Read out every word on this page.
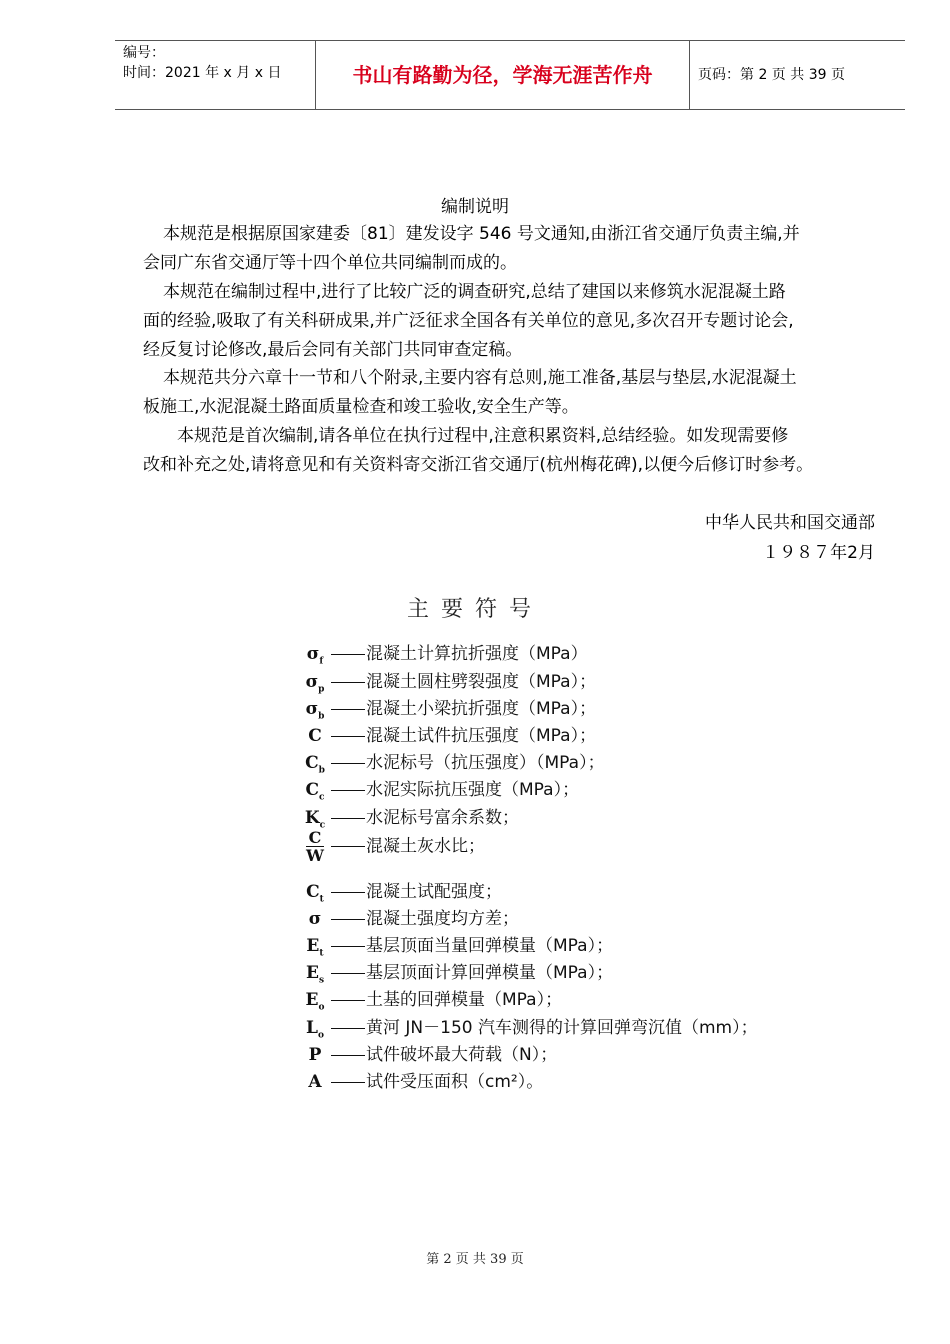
编号：
时间：2021 年 x 月 x 日	书山有路勤为径，学海无涯苦作舟	页码：第 2 页 共 39 页
编制说明
本规范是根据原国家建委〔81〕建发设字 546 号文通知,由浙江省交通厅负责主编,并
会同广东省交通厅等十四个单位共同编制而成的。
本规范在编制过程中,进行了比较广泛的调查研究,总结了建国以来修筑水泥混凝土路
面的经验,吸取了有关科研成果,并广泛征求全国各有关单位的意见,多次召开专题讨论会,
经反复讨论修改,最后会同有关部门共同审查定稿。
本规范共分六章十一节和八个附录,主要内容有总则,施工准备,基层与垫层,水泥混凝土
板施工,水泥混凝土路面质量检查和竣工验收,安全生产等。
本规范是首次编制,请各单位在执行过程中,注意积累资料,总结经验。如发现需要修
改和补充之处,请将意见和有关资料寄交浙江省交通厅(杭州梅花碑),以便今后修订时参考。
中华人民共和国交通部
１９８７年2月
主要符号
$\sigma_f$	混凝土计算抗折强度（MPa）
$\sigma_p$ 混凝土圆柱劈裂强度（MPa）；
$\sigma_b$ 混凝土小梁抗折强度（MPa）；
C	混凝土试件抗压强度（MPa）；
$C_b$ 水泥标号（抗压强度）（MPa）；
$C_c$ 水泥实际抗压强度（MPa）；
$K_c$ 水泥标号富余系数；
$\frac{C}{W}$ 混凝土灰水比；
$C_t$ 混凝土试配强度；
σ	混凝土强度均方差；
$E_t$ 基层顶面当量回弹模量（MPa）；
$E_s$ 基层顶面计算回弹模量（MPa）；
$E_o$ 土基的回弹模量（MPa）；
$L_o$ 黄河 JN－150 汽车测得的计算回弹弯沉值（mm）；
P	试件破坏最大荷载（N）；
A	试件受压面积（cm²）。
第 2 页 共 39 页
